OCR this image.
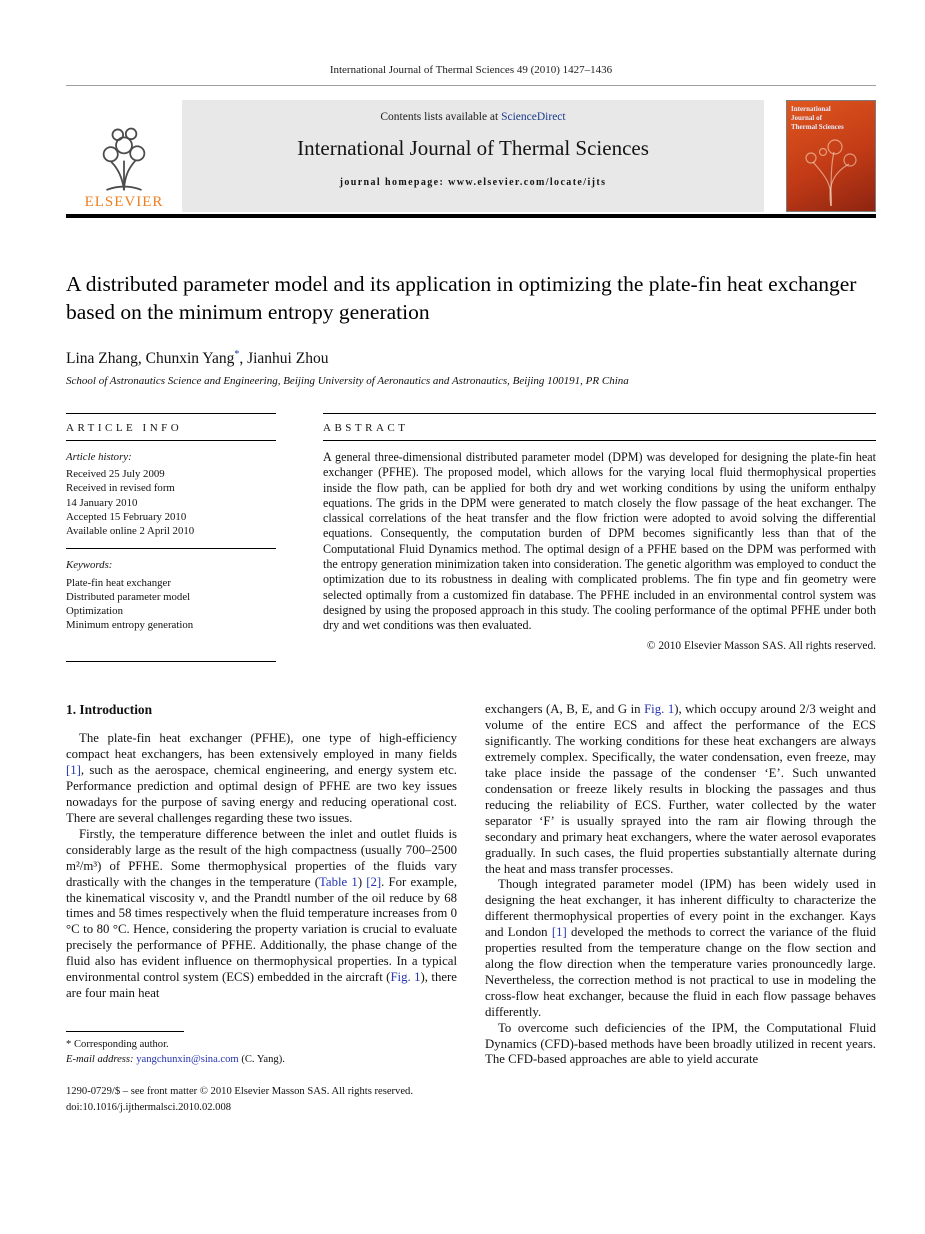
International Journal of Thermal Sciences 49 (2010) 1427–1436
ELSEVIER
Contents lists available at ScienceDirect
International Journal of Thermal Sciences
journal homepage: www.elsevier.com/locate/ijts
International Journal of Thermal Sciences
A distributed parameter model and its application in optimizing the plate-fin heat exchanger based on the minimum entropy generation
Lina Zhang, Chunxin Yang*, Jianhui Zhou
School of Astronautics Science and Engineering, Beijing University of Aeronautics and Astronautics, Beijing 100191, PR China
ARTICLE INFO
Article history:
Received 25 July 2009
Received in revised form
14 January 2010
Accepted 15 February 2010
Available online 2 April 2010
Keywords:
Plate-fin heat exchanger
Distributed parameter model
Optimization
Minimum entropy generation
ABSTRACT
A general three-dimensional distributed parameter model (DPM) was developed for designing the plate-fin heat exchanger (PFHE). The proposed model, which allows for the varying local fluid thermophysical properties inside the flow path, can be applied for both dry and wet working conditions by using the uniform enthalpy equations. The grids in the DPM were generated to match closely the flow passage of the heat exchanger. The classical correlations of the heat transfer and the flow friction were adopted to avoid solving the differential equations. Consequently, the computation burden of DPM becomes significantly less than that of the Computational Fluid Dynamics method. The optimal design of a PFHE based on the DPM was performed with the entropy generation minimization taken into consideration. The genetic algorithm was employed to conduct the optimization due to its robustness in dealing with complicated problems. The fin type and fin geometry were selected optimally from a customized fin database. The PFHE included in an environmental control system was designed by using the proposed approach in this study. The cooling performance of the optimal PFHE under both dry and wet conditions was then evaluated.
© 2010 Elsevier Masson SAS. All rights reserved.
1. Introduction

The plate-fin heat exchanger (PFHE), one type of high-efficiency compact heat exchangers, has been extensively employed in many fields [1], such as the aerospace, chemical engineering, and energy system etc. Performance prediction and optimal design of PFHE are two key issues nowadays for the purpose of saving energy and reducing operational cost. There are several challenges regarding these two issues.

Firstly, the temperature difference between the inlet and outlet fluids is considerably large as the result of the high compactness (usually 700–2500 m²/m³) of PFHE. Some thermophysical properties of the fluids vary drastically with the changes in the temperature (Table 1) [2]. For example, the kinematical viscosity ν, and the Prandtl number of the oil reduce by 68 times and 58 times respectively when the fluid temperature increases from 0 °C to 80 °C. Hence, considering the property variation is crucial to evaluate precisely the performance of PFHE. Additionally, the phase change of the fluid also has evident influence on thermophysical properties. In a typical environmental control system (ECS) embedded in the aircraft (Fig. 1), there are four main heat

* Corresponding author.
E-mail address: yangchunxin@sina.com (C. Yang).

exchangers (A, B, E, and G in Fig. 1), which occupy around 2/3 weight and volume of the entire ECS and affect the performance of the ECS significantly. The working conditions for these heat exchangers are always extremely complex. Specifically, the water condensation, even freeze, may take place inside the passage of the condenser ‘E’. Such unwanted condensation or freeze likely results in blocking the passages and thus reducing the reliability of ECS. Further, water collected by the water separator ‘F’ is usually sprayed into the ram air flowing through the secondary and primary heat exchangers, where the water aerosol evaporates gradually. In such cases, the fluid properties substantially alternate during the heat and mass transfer processes.

Though integrated parameter model (IPM) has been widely used in designing the heat exchanger, it has inherent difficulty to characterize the different thermophysical properties of every point in the exchanger. Kays and London [1] developed the methods to correct the variance of the fluid properties resulted from the temperature change on the flow section and along the flow direction when the temperature varies pronouncedly large. Nevertheless, the correction method is not practical to use in modeling the cross-flow heat exchanger, because the fluid in each flow passage behaves differently.

To overcome such deficiencies of the IPM, the Computational Fluid Dynamics (CFD)-based methods have been broadly utilized in recent years. The CFD-based approaches are able to yield accurate

1290-0729/$ – see front matter © 2010 Elsevier Masson SAS. All rights reserved.
doi:10.1016/j.ijthermalsci.2010.02.008
